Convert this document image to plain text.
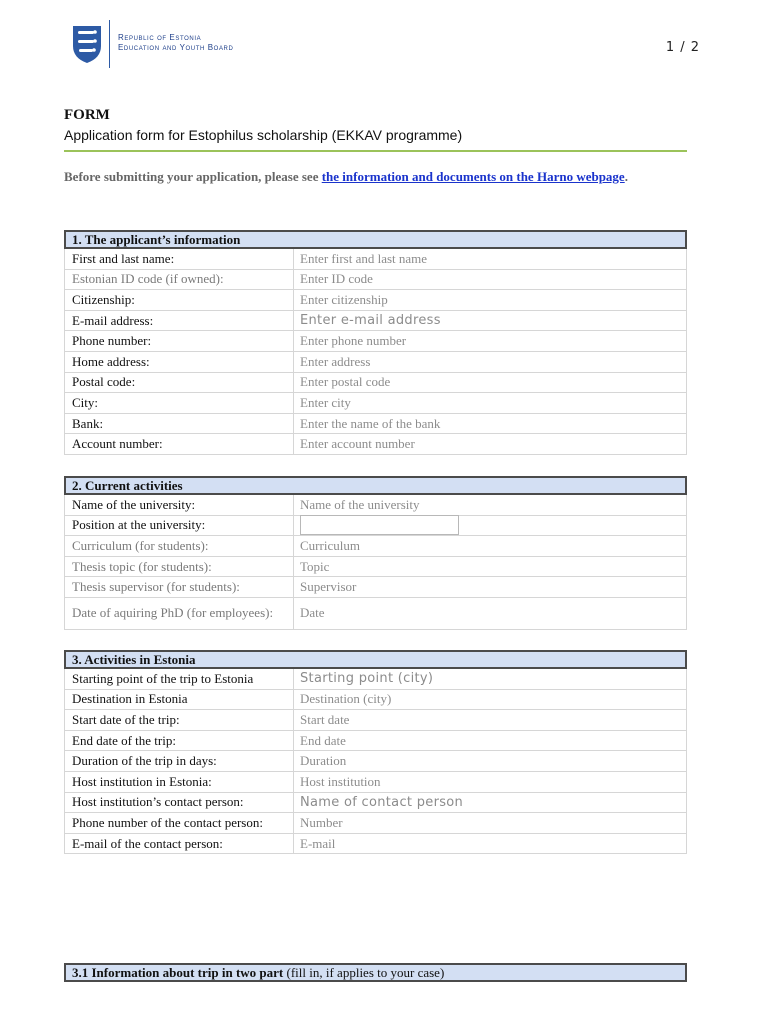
Republic of Estonia
Education and Youth Board	1 / 2
FORM
Application form for Estophilus scholarship (EKKAV programme)
Before submitting your application, please see the information and documents on the Harno webpage.
1. The applicant’s information
First and last name:	Enter first and last name
Estonian ID code (if owned):	Enter ID code
Citizenship:	Enter citizenship
E-mail address:	Enter e-mail address
Phone number:	Enter phone number
Home address:	Enter address
Postal code:	Enter postal code
City:	Enter city
Bank:	Enter the name of the bank
Account number:	Enter account number
2. Current activities
Name of the university:	Name of the university
Position at the university:
Curriculum (for students):	Curriculum
Thesis topic (for students):	Topic
Thesis supervisor (for students):	Supervisor
Date of aquiring PhD (for employees):	Date
3. Activities in Estonia
Starting point of the trip to Estonia	Starting point (city)
Destination in Estonia	Destination (city)
Start date of the trip:	Start date
End date of the trip:	End date
Duration of the trip in days:	Duration
Host institution in Estonia:	Host institution
Host institution’s contact person:	Name of contact person
Phone number of the contact person:	Number
E-mail of the contact person:	E-mail
3.1 Information about trip in two part (fill in, if applies to your case)
